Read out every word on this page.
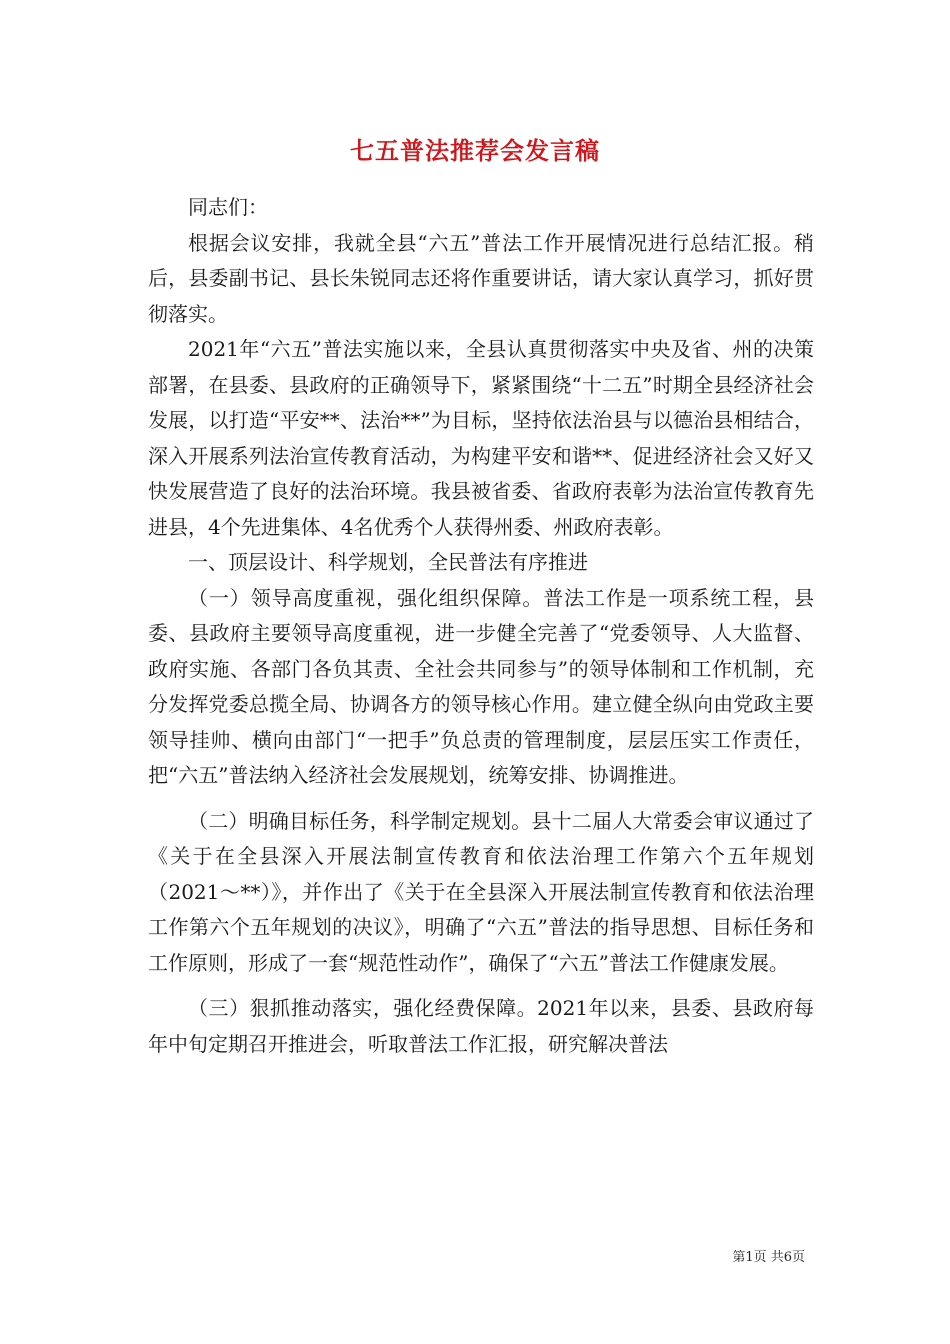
七五普法推荐会发言稿

同志们：

根据会议安排，我就全县“六五”普法工作开展情况进行总结汇报。稍后，县委副书记、县长朱锐同志还将作重要讲话，请大家认真学习，抓好贯彻落实。

2021年“六五”普法实施以来，全县认真贯彻落实中央及省、州的决策部署，在县委、县政府的正确领导下，紧紧围绕“十二五”时期全县经济社会发展，以打造“平安**、法治**”为目标，坚持依法治县与以德治县相结合，深入开展系列法治宣传教育活动，为构建平安和谐**、促进经济社会又好又快发展营造了良好的法治环境。我县被省委、省政府表彰为法治宣传教育先进县，4个先进集体、4名优秀个人获得州委、州政府表彰。

一、顶层设计、科学规划，全民普法有序推进

（一）领导高度重视，强化组织保障。普法工作是一项系统工程，县委、县政府主要领导高度重视，进一步健全完善了“党委领导、人大监督、政府实施、各部门各负其责、全社会共同参与”的领导体制和工作机制，充分发挥党委总揽全局、协调各方的领导核心作用。建立健全纵向由党政主要领导挂帅、横向由部门“一把手”负总责的管理制度，层层压实工作责任，把“六五”普法纳入经济社会发展规划，统筹安排、协调推进。

（二）明确目标任务，科学制定规划。县十二届人大常委会审议通过了《关于在全县深入开展法制宣传教育和依法治理工作第六个五年规划（2021～**）》，并作出了《关于在全县深入开展法制宣传教育和依法治理工作第六个五年规划的决议》，明确了“六五”普法的指导思想、目标任务和工作原则，形成了一套“规范性动作”，确保了“六五”普法工作健康发展。

（三）狠抓推动落实，强化经费保障。2021年以来，县委、县政府每年中旬定期召开推进会，听取普法工作汇报，研究解决普法

第1页 共6页
